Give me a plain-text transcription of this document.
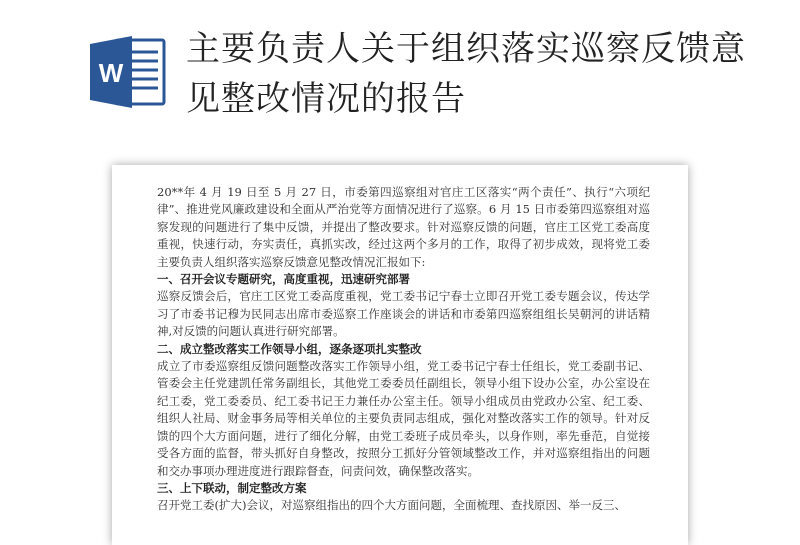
W
主要负责人关于组织落实巡察反馈意见整改情况的报告

20**年 4 月 19 日至 5 月 27 日，市委第四巡察组对官庄工区落实“两个责任”、执行“六项纪律”、推进党风廉政建设和全面从严治党等方面情况进行了巡察。6 月 15 日市委第四巡察组对巡察发现的问题进行了集中反馈，并提出了整改要求。针对巡察反馈的问题，官庄工区党工委高度重视，快速行动，夯实责任，真抓实改，经过这两个多月的工作，取得了初步成效，现将党工委主要负责人组织落实巡察反馈意见整改情况汇报如下:

一、召开会议专题研究，高度重视，迅速研究部署

巡察反馈会后，官庄工区党工委高度重视，党工委书记宁春士立即召开党工委专题会议，传达学习了市委书记穆为民同志出席市委巡察工作座谈会的讲话和市委第四巡察组组长吴朝河的讲话精神,对反馈的问题认真进行研究部署。

二、成立整改落实工作领导小组，逐条逐项扎实整改

成立了市委巡察组反馈问题整改落实工作领导小组，党工委书记宁春士任组长，党工委副书记、管委会主任党建凯任常务副组长，其他党工委委员任副组长，领导小组下设办公室，办公室设在纪工委，党工委委员、纪工委书记王力兼任办公室主任。领导小组成员由党政办公室、纪工委、组织人社局、财金事务局等相关单位的主要负责同志组成，强化对整改落实工作的领导。针对反馈的四个大方面问题，进行了细化分解，由党工委班子成员牵头，以身作则，率先垂范，自觉接受各方面的监督，带头抓好自身整改，按照分工抓好分管领域整改工作，并对巡察组指出的问题和交办事项办理进度进行跟踪督查，问责问效，确保整改落实。

三、上下联动，制定整改方案

召开党工委(扩大)会议，对巡察组指出的四个大方面问题，全面梳理、查找原因、举一反三、
